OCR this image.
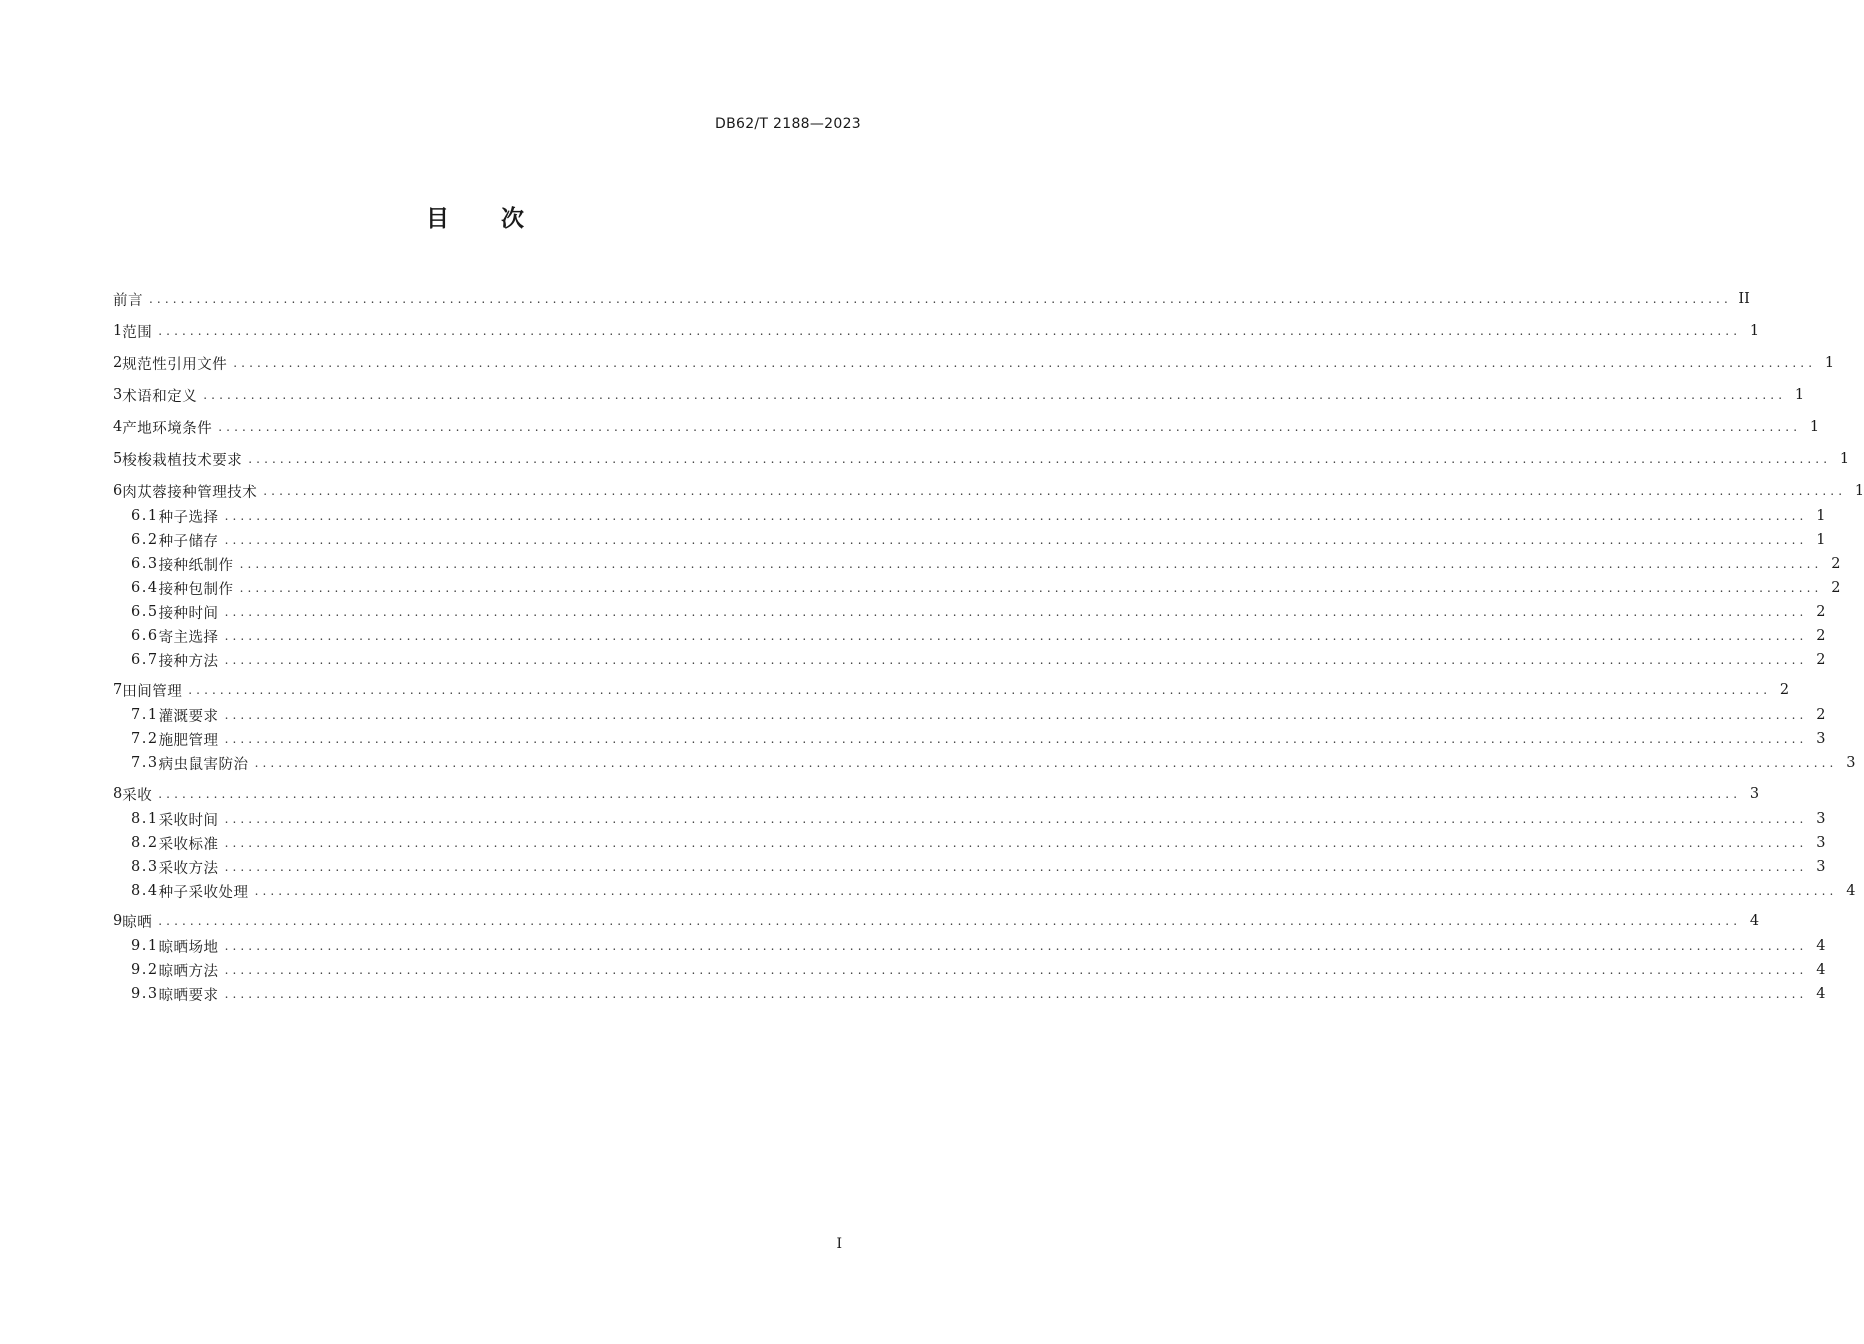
DB62/T 2188—2023
目 次
前言 ........................................................................................................................................................................................................ II
1 范围 ........................................................................................................................................................................................................ 1
2 规范性引用文件 ........................................................................................................................................................................................................ 1
3 术语和定义 ........................................................................................................................................................................................................ 1
4 产地环境条件 ........................................................................................................................................................................................................ 1
5 梭梭栽植技术要求 ........................................................................................................................................................................................................ 1
6 肉苁蓉接种管理技术 ........................................................................................................................................................................................................ 1
6.1 种子选择 ........................................................................................................................................................................................................ 1
6.2 种子储存 ........................................................................................................................................................................................................ 1
6.3 接种纸制作 ........................................................................................................................................................................................................ 2
6.4 接种包制作 ........................................................................................................................................................................................................ 2
6.5 接种时间 ........................................................................................................................................................................................................ 2
6.6 寄主选择 ........................................................................................................................................................................................................ 2
6.7 接种方法 ........................................................................................................................................................................................................ 2
7 田间管理 ........................................................................................................................................................................................................ 2
7.1 灌溉要求 ........................................................................................................................................................................................................ 2
7.2 施肥管理 ........................................................................................................................................................................................................ 3
7.3 病虫鼠害防治 ........................................................................................................................................................................................................ 3
8 采收 ........................................................................................................................................................................................................ 3
8.1 采收时间 ........................................................................................................................................................................................................ 3
8.2 采收标准 ........................................................................................................................................................................................................ 3
8.3 采收方法 ........................................................................................................................................................................................................ 3
8.4 种子采收处理 ........................................................................................................................................................................................................ 4
9 晾晒 ........................................................................................................................................................................................................ 4
9.1 晾晒场地 ........................................................................................................................................................................................................ 4
9.2 晾晒方法 ........................................................................................................................................................................................................ 4
9.3 晾晒要求 ........................................................................................................................................................................................................ 4
I
